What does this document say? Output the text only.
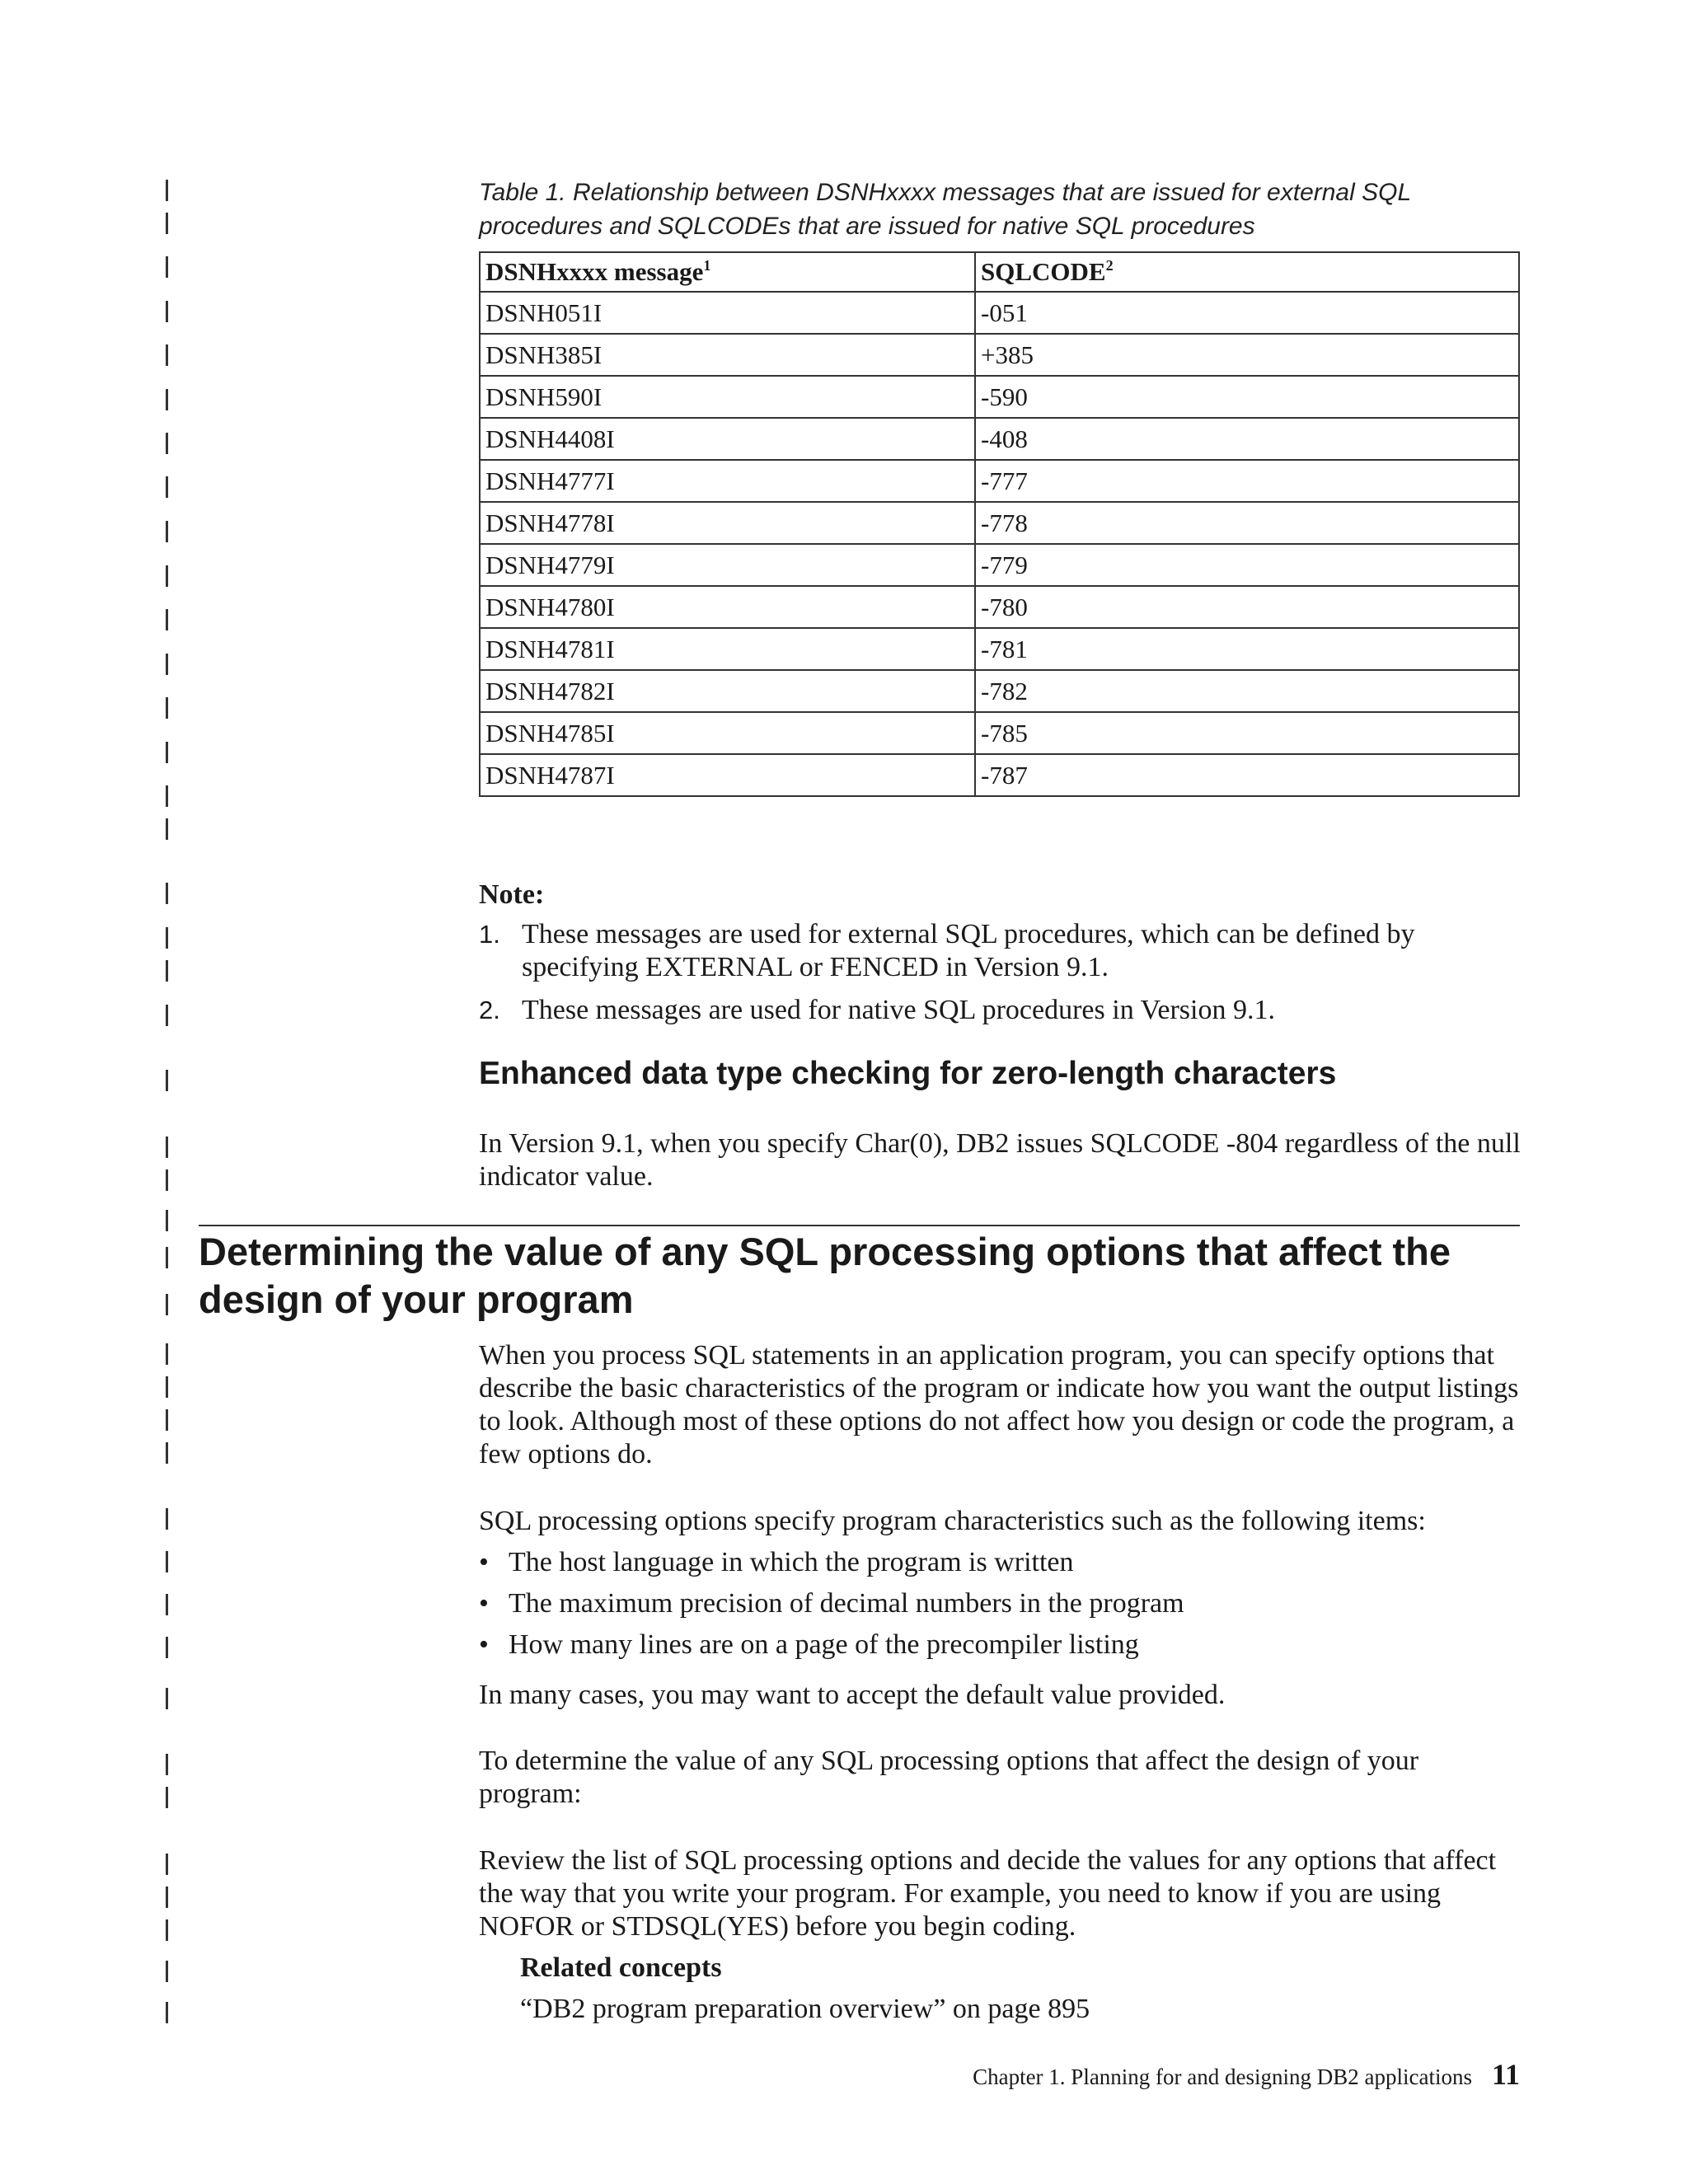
Table 1. Relationship between DSNHxxxx messages that are issued for external SQL procedures and SQLCODEs that are issued for native SQL procedures
DSNHxxxx message$^1$	SQLCODE$^2$
DSNH051I	-051
DSNH385I	+385
DSNH590I	-590
DSNH4408I	-408
DSNH4777I	-777
DSNH4778I	-778
DSNH4779I	-779
DSNH4780I	-780
DSNH4781I	-781
DSNH4782I	-782
DSNH4785I	-785
DSNH4787I	-787
Note:
1. These messages are used for external SQL procedures, which can be defined by specifying EXTERNAL or FENCED in Version 9.1.
2. These messages are used for native SQL procedures in Version 9.1.
Enhanced data type checking for zero-length characters
In Version 9.1, when you specify Char(0), DB2 issues SQLCODE -804 regardless of the null indicator value.
Determining the value of any SQL processing options that affect the design of your program
When you process SQL statements in an application program, you can specify options that describe the basic characteristics of the program or indicate how you want the output listings to look. Although most of these options do not affect how you design or code the program, a few options do.
SQL processing options specify program characteristics such as the following items:
• The host language in which the program is written
• The maximum precision of decimal numbers in the program
• How many lines are on a page of the precompiler listing
In many cases, you may want to accept the default value provided.
To determine the value of any SQL processing options that affect the design of your program:
Review the list of SQL processing options and decide the values for any options that affect the way that you write your program. For example, you need to know if you are using NOFOR or STDSQL(YES) before you begin coding.
Related concepts
“DB2 program preparation overview” on page 895
Chapter 1. Planning for and designing DB2 applications 11
